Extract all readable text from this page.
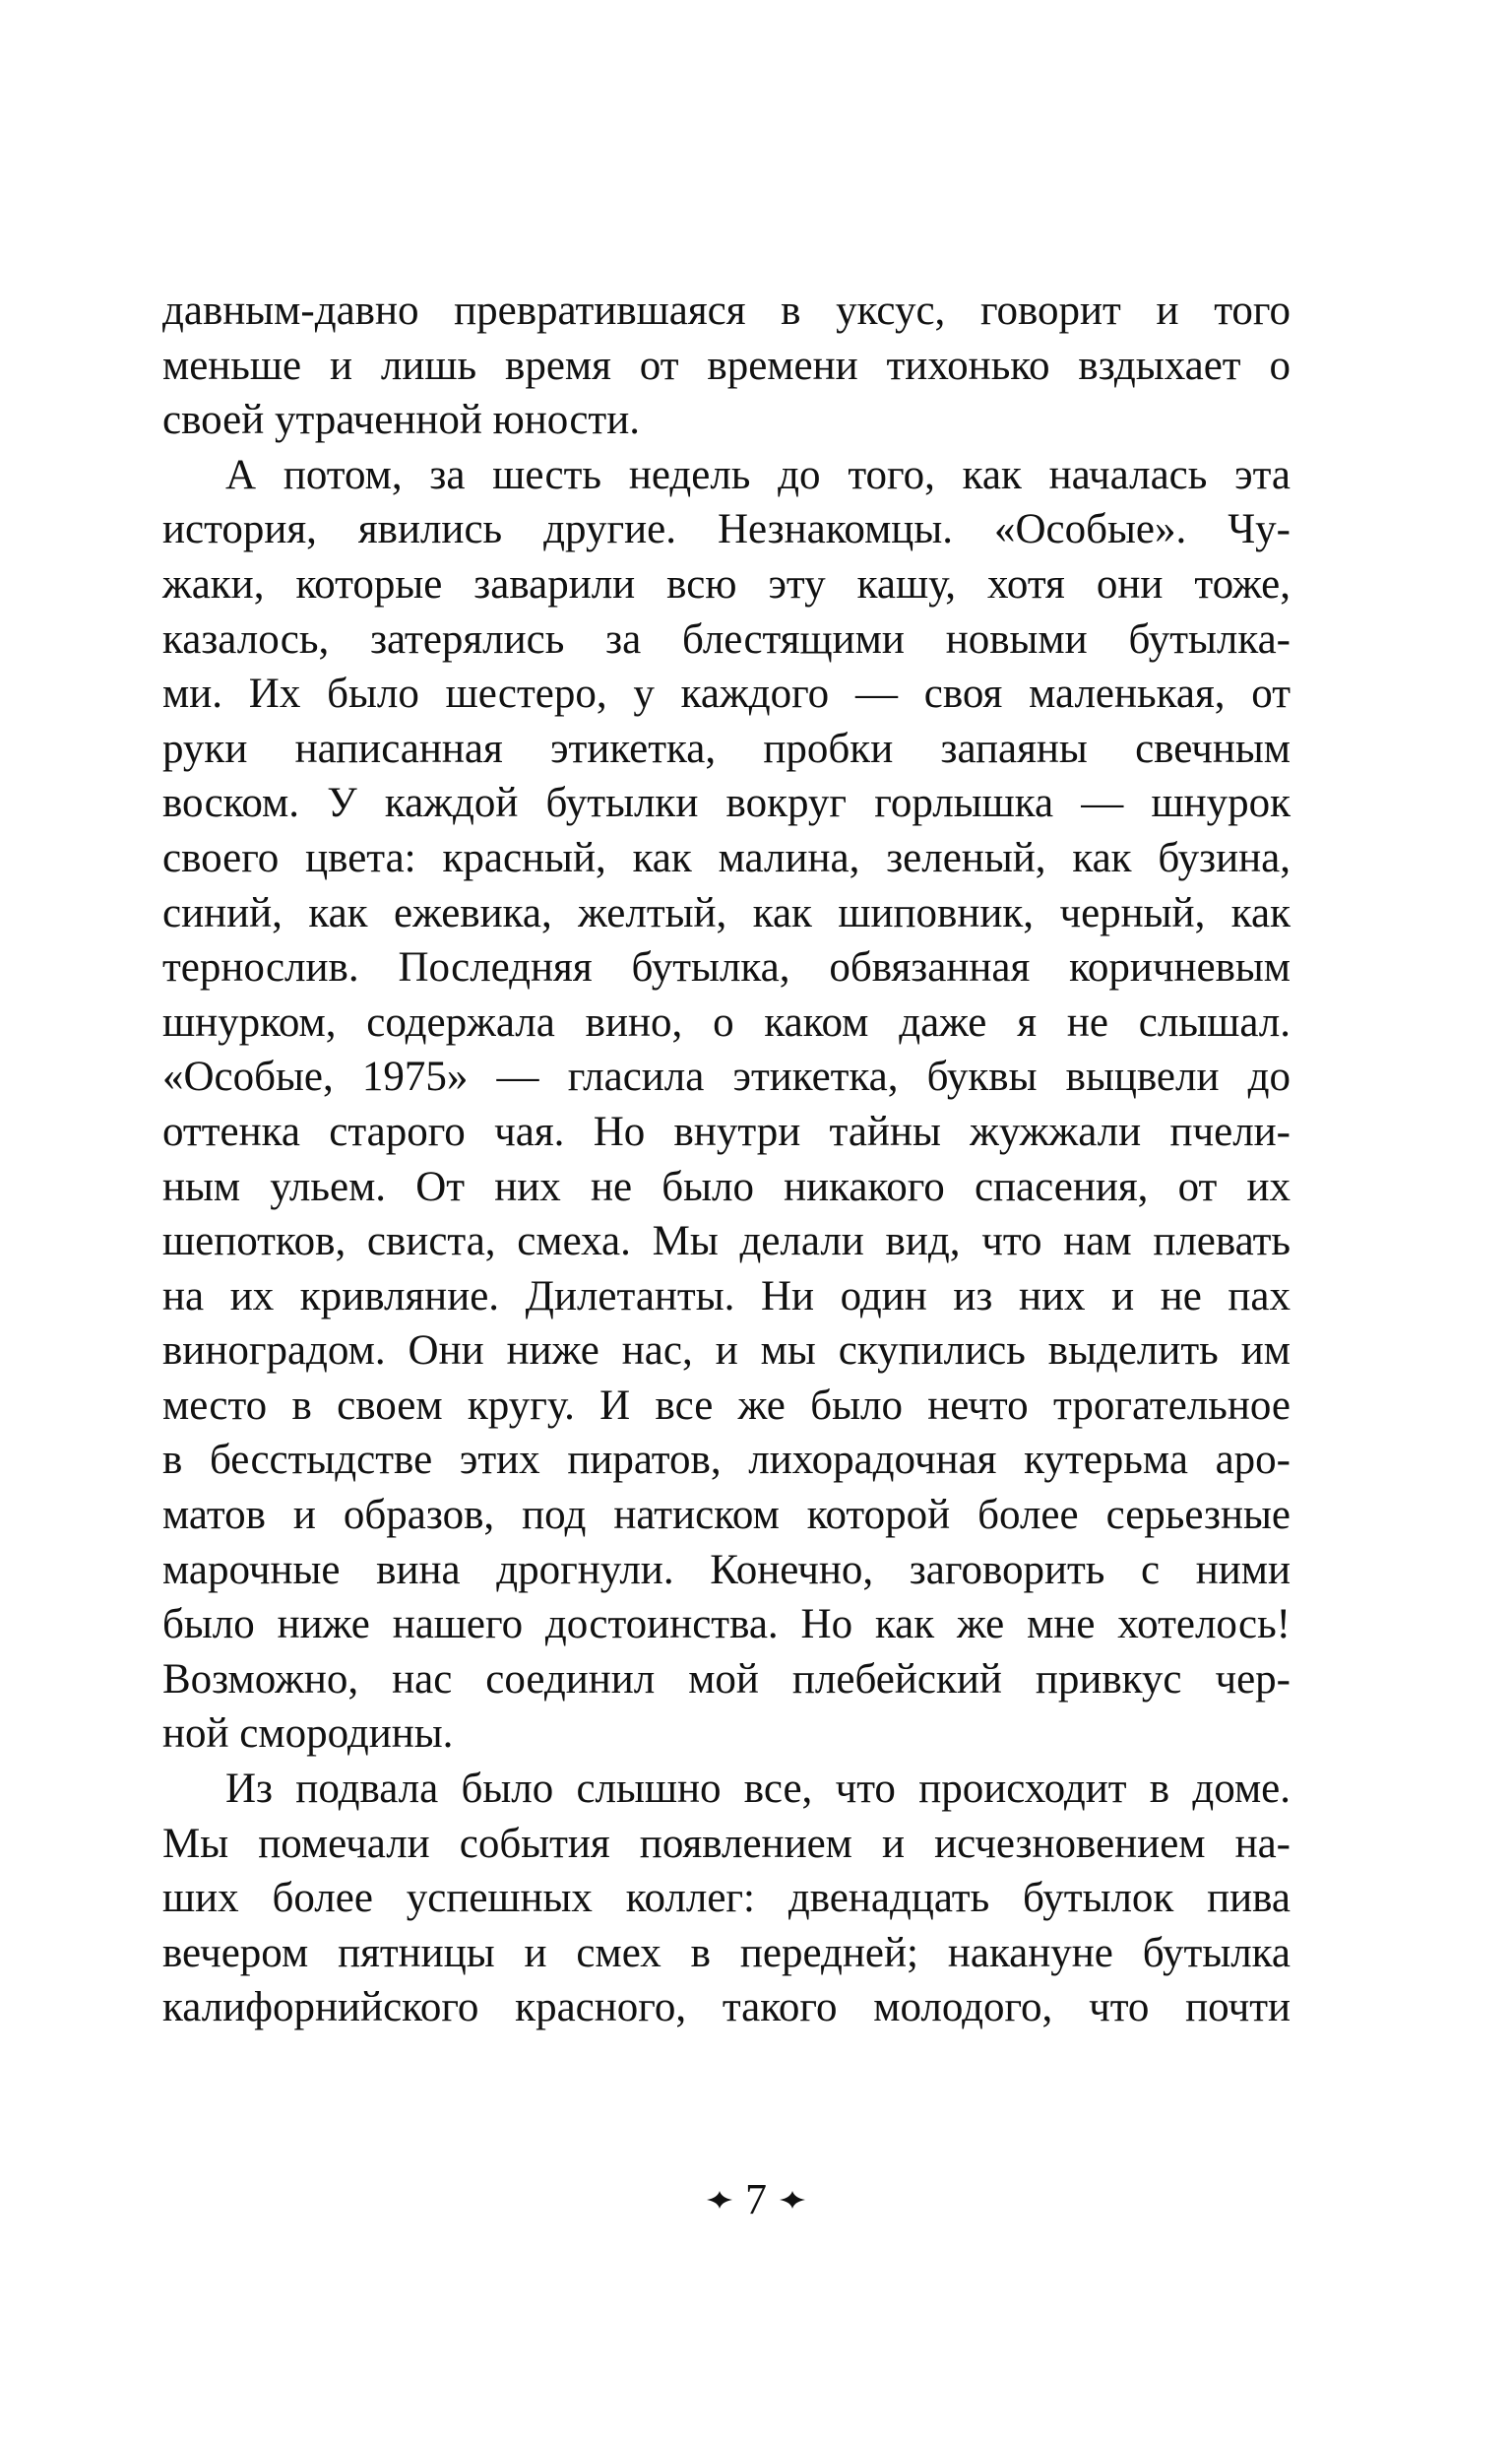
давным-давно превратившаяся в уксус, говорит и того
меньше и лишь время от времени тихонько вздыхает о
своей утраченной юности.
А потом, за шесть недель до того, как началась эта
история, явились другие. Незнакомцы. «Особые». Чу-
жаки, которые заварили всю эту кашу, хотя они тоже,
казалось, затерялись за блестящими новыми бутылка-
ми. Их было шестеро, у каждого — своя маленькая, от
руки написанная этикетка, пробки запаяны свечным
воском. У каждой бутылки вокруг горлышка — шнурок
своего цвета: красный, как малина, зеленый, как бузина,
синий, как ежевика, желтый, как шиповник, черный, как
тернослив. Последняя бутылка, обвязанная коричневым
шнурком, содержала вино, о каком даже я не слышал.
«Особые, 1975» — гласила этикетка, буквы выцвели до
оттенка старого чая. Но внутри тайны жужжали пчели-
ным ульем. От них не было никакого спасения, от их
шепотков, свиста, смеха. Мы делали вид, что нам плевать
на их кривляние. Дилетанты. Ни один из них и не пах
виноградом. Они ниже нас, и мы скупились выделить им
место в своем кругу. И все же было нечто трогательное
в бесстыдстве этих пиратов, лихорадочная кутерьма аро-
матов и образов, под натиском которой более серьезные
марочные вина дрогнули. Конечно, заговорить с ними
было ниже нашего достоинства. Но как же мне хотелось!
Возможно, нас соединил мой плебейский привкус чер-
ной смородины.
Из подвала было слышно все, что происходит в доме.
Мы помечали события появлением и исчезновением на-
ших более успешных коллег: двенадцать бутылок пива
вечером пятницы и смех в передней; накануне бутылка
калифорнийского красного, такого молодого, что почти
7
